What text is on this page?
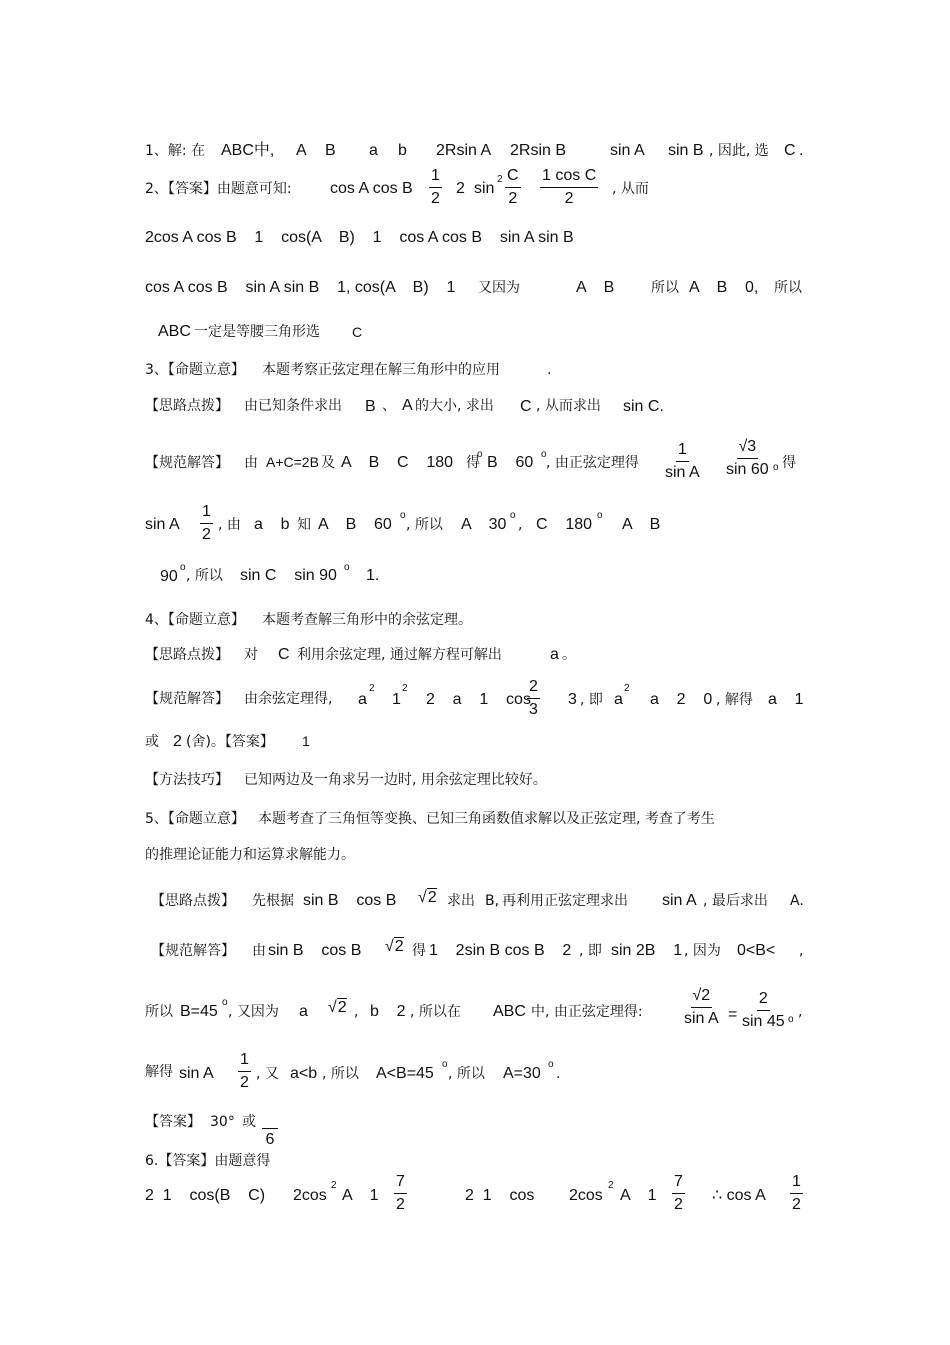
1、解: 在 ABC中, A B a b 2Rsin A 2Rsin B	sin A sin B , 因此, 选 C .
2、【答案】由题意可知: cos A cos B $\frac{1}{2} 2$ sin
$2 \frac{C}{2} \frac{\text{1 cos C}}{2}$ , 从而
2cos A cos B    1    cos(A    B)    1    cos A cos B    sin A sin B
cos A cos B    sin A sin B    1, cos(A    B)    1 又因为	A    B	所以 A    B    0, 所以
ABC 一定是等腰三角形选 C
3、【命题立意】 本题考察正弦定理在解三角形中的应用	.
【思路点拨】 由已知条件求出 B 、 A 的大小, 求出 C , 从而求出 sin C.
【规范解答】 由 A+C=2B 及 A    B    C    180 o
得 B    60 o
, 由正弦定理得 $\frac{1}{\text{sin A}} \frac{√3}{\sin 60}$ o 得
sin A $\frac{1}{2}$ , 由 a    b 知 A    B    60
o
, 所以 A    30
o
, C    180
o
A    B
90
o
, 所以 sin C    sin 90 o 1.
4、【命题立意】 本题考查解三角形中的余弦定理。
【思路点拨】 对 C 利用余弦定理, 通过解方程可解出	a 。
【规范解答】 由余弦定理得, a
2
1
2
2    a    1    cos
$\frac{2}{3} 3$ , 即 a
2
a    2    0 , 解得 a    1
或 2 (舍)。【答案】 1
【方法技巧】 已知两边及一角求另一边时, 用余弦定理比较好。
5、【命题立意】 本题考查了三角恒等变换、已知三角函数值求解以及正弦定理, 考查了考生
的推理论证能力和运算求解能力。
【思路点拨】 先根据 sin B    cos B √2 求出 B, 再利用正弦定理求出 sin A , 最后求出 A.
【规范解答】 由 sin B    cos B √2 得 1    2sin B cos B    2 , 即 sin 2B    1 , 因为 0<B< ,
所以 B=45
o
, 又因为 a √2 , b    2 , 所以在 ABC 中, 由正弦定理得: $\frac{√2}{\text{sin A}} = \frac{2}{\sin 45}$ o ,
解得 sin A $\frac{1}{2}$ , 又 a<b , 所以 A<B=45
o
, 所以 A=30
o
.
【答案】 30° 或

6
6.【答案】由题意得
2  1    cos(B    C) 2cos
2
A    $1 \frac{7}{2}$	2  1    cos 2cos
2
A    $1 \frac{7}{2}$ ∴ cos A $\frac{1}{2}$
